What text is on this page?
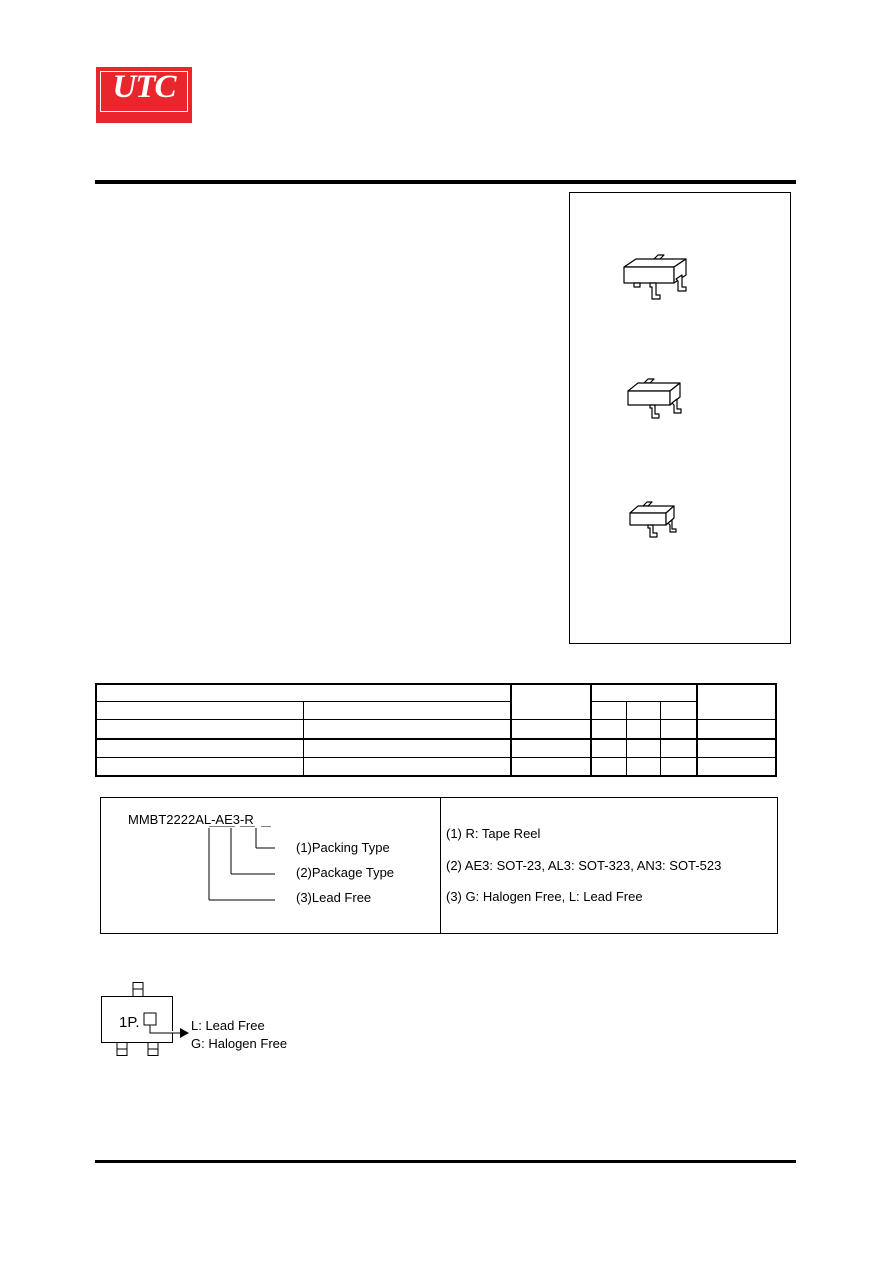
UTC
MMBT2222AL-AE3-R
(1)Packing Type
(2)Package Type
(3)Lead Free
(1) R: Tape Reel
(2) AE3: SOT-23, AL3: SOT-323, AN3: SOT-523
(3) G: Halogen Free, L: Lead Free
1P.	L: Lead Free
G: Halogen Free
